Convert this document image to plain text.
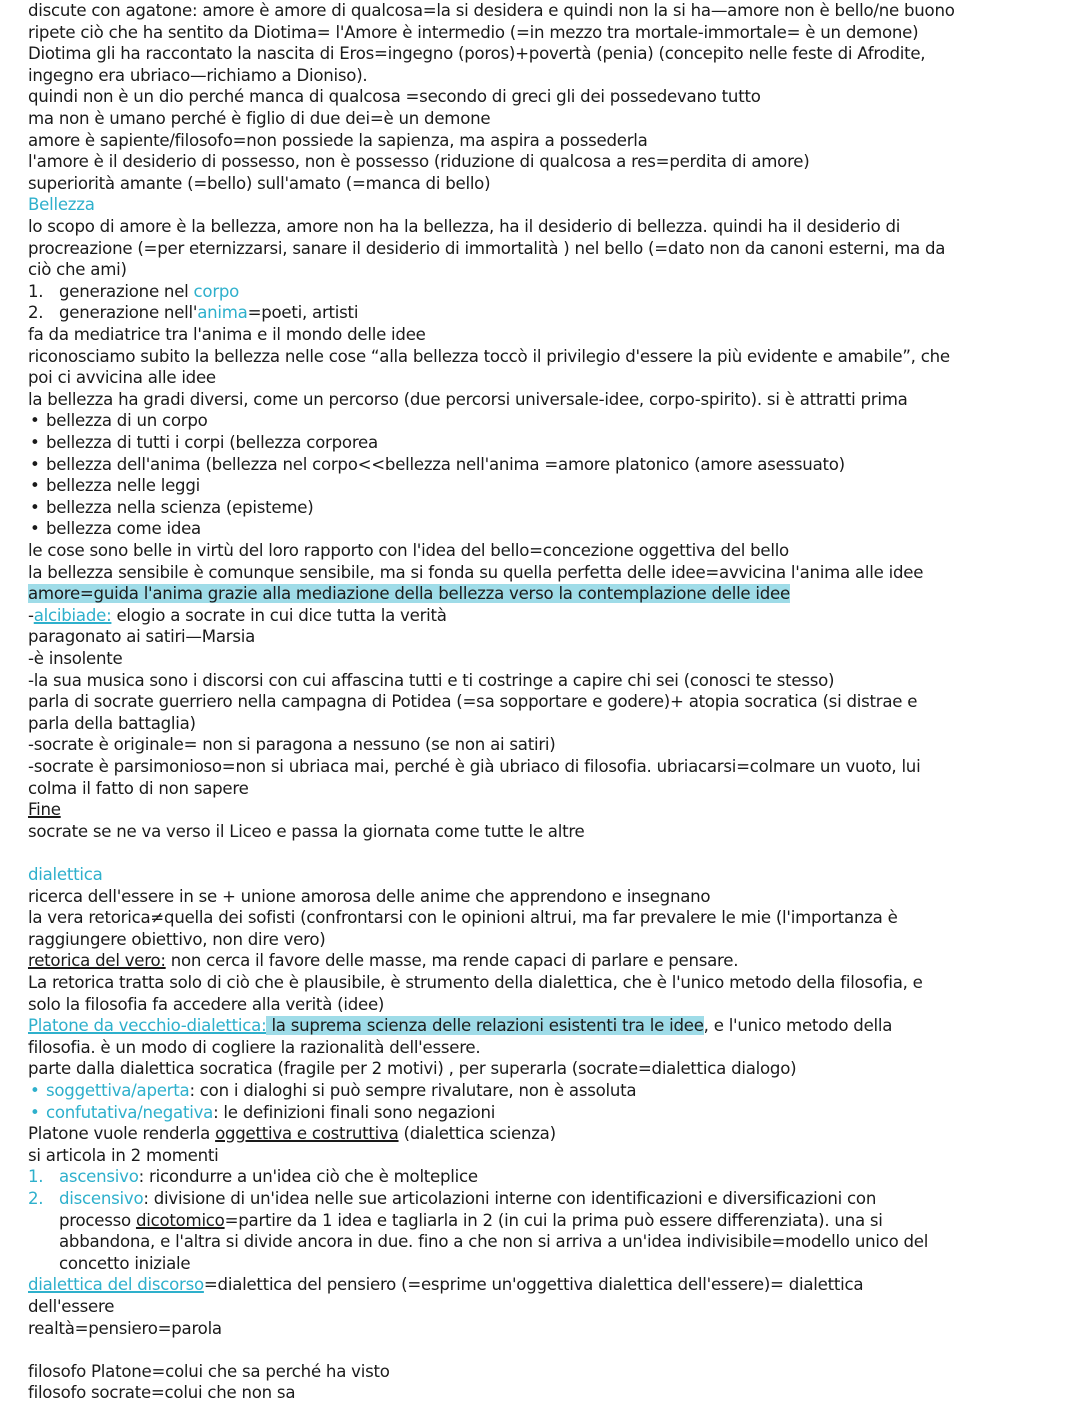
discute con agatone: amore è amore di qualcosa=la si desidera e quindi non la si ha—amore non è bello/ne buono
ripete ciò che ha sentito da Diotima= l'Amore è intermedio (=in mezzo tra mortale-immortale= è un demone)
Diotima gli ha raccontato la nascita di Eros=ingegno (poros)+povertà (penia) (concepito nelle feste di Afrodite,
ingegno era ubriaco—richiamo a Dioniso).
quindi non è un dio perché manca di qualcosa =secondo di greci gli dei possedevano tutto
ma non è umano perché è figlio di due dei=è un demone
amore è sapiente/filosofo=non possiede la sapienza, ma aspira a possederla
l'amore è il desiderio di possesso, non è possesso (riduzione di qualcosa a res=perdita di amore)
superiorità amante (=bello) sull'amato (=manca di bello)
Bellezza
lo scopo di amore è la bellezza, amore non ha la bellezza, ha il desiderio di bellezza. quindi ha il desiderio di
procreazione (=per eternizzarsi, sanare il desiderio di immortalità ) nel bello (=dato non da canoni esterni, ma da
ciò che ami)
1. generazione nel corpo
2. generazione nell'anima=poeti, artisti
fa da mediatrice tra l'anima e il mondo delle idee
riconosciamo subito la bellezza nelle cose “alla bellezza toccò il privilegio d'essere la più evidente e amabile”, che
poi ci avvicina alle idee
la bellezza ha gradi diversi, come un percorso (due percorsi universale-idee, corpo-spirito). si è attratti prima
• bellezza di un corpo
• bellezza di tutti i corpi (bellezza corporea
• bellezza dell'anima (bellezza nel corpo<<bellezza nell'anima =amore platonico (amore asessuato)
• bellezza nelle leggi
• bellezza nella scienza (episteme)
• bellezza come idea
le cose sono belle in virtù del loro rapporto con l'idea del bello=concezione oggettiva del bello
la bellezza sensibile è comunque sensibile, ma si fonda su quella perfetta delle idee=avvicina l'anima alle idee
amore=guida l'anima grazie alla mediazione della bellezza verso la contemplazione delle idee
-alcibiade: elogio a socrate in cui dice tutta la verità
paragonato ai satiri—Marsia
-è insolente
-la sua musica sono i discorsi con cui affascina tutti e ti costringe a capire chi sei (conosci te stesso)
parla di socrate guerriero nella campagna di Potidea (=sa sopportare e godere)+ atopia socratica (si distrae e
parla della battaglia)
-socrate è originale= non si paragona a nessuno (se non ai satiri)
-socrate è parsimonioso=non si ubriaca mai, perché è già ubriaco di filosofia. ubriacarsi=colmare un vuoto, lui
colma il fatto di non sapere
Fine
socrate se ne va verso il Liceo e passa la giornata come tutte le altre
dialettica
ricerca dell'essere in se + unione amorosa delle anime che apprendono e insegnano
la vera retorica≠quella dei sofisti (confrontarsi con le opinioni altrui, ma far prevalere le mie (l'importanza è
raggiungere obiettivo, non dire vero)
retorica del vero: non cerca il favore delle masse, ma rende capaci di parlare e pensare.
La retorica tratta solo di ciò che è plausibile, è strumento della dialettica, che è l'unico metodo della filosofia, e
solo la filosofia fa accedere alla verità (idee)
Platone da vecchio-dialettica: la suprema scienza delle relazioni esistenti tra le idee, e l'unico metodo della
filosofia. è un modo di cogliere la razionalità dell'essere.
parte dalla dialettica socratica (fragile per 2 motivi) , per superarla (socrate=dialettica dialogo)
• soggettiva/aperta: con i dialoghi si può sempre rivalutare, non è assoluta
• confutativa/negativa: le definizioni finali sono negazioni
Platone vuole renderla oggettiva e costruttiva (dialettica scienza)
si articola in 2 momenti
1. ascensivo: ricondurre a un'idea ciò che è molteplice
2. discensivo: divisione di un'idea nelle sue articolazioni interne con identificazioni e diversificazioni con
processo dicotomico=partire da 1 idea e tagliarla in 2 (in cui la prima può essere differenziata). una si
abbandona, e l'altra si divide ancora in due. fino a che non si arriva a un'idea indivisibile=modello unico del
concetto iniziale
dialettica del discorso=dialettica del pensiero (=esprime un'oggettiva dialettica dell'essere)= dialettica
dell'essere
realtà=pensiero=parola
filosofo Platone=colui che sa perché ha visto
filosofo socrate=colui che non sa
